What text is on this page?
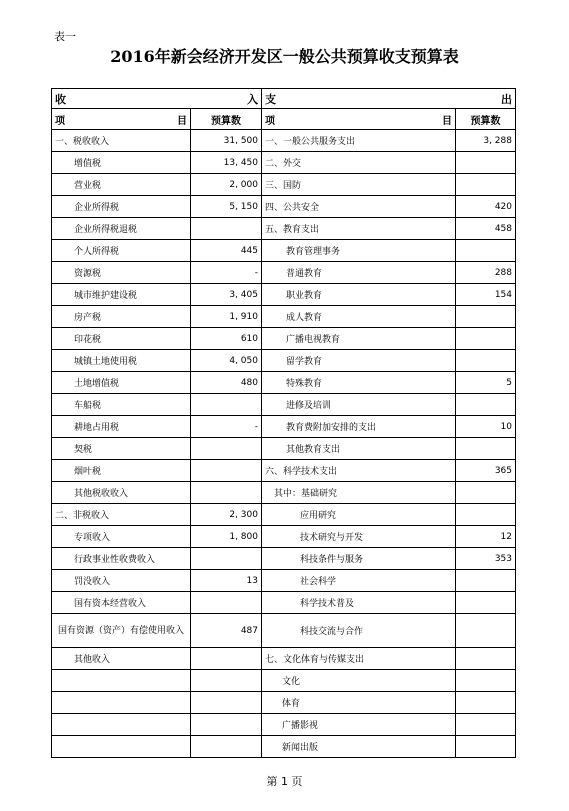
表一
2016年新会经济开发区一般公共预算收支预算表
收 入		支 出	

项 目	预算数	项 目	预算数
一、税收收入	31, 500	一、一般公共服务支出	3, 288
增值税	13, 450	二、外交	
营业税	2, 000	三、国防	
企业所得税	5, 150	四、公共安全	420
企业所得税退税		五、教育支出	458
个人所得税	445	教育管理事务	
资源税	-	普通教育	288
城市维护建设税	3, 405	职业教育	154
房产税	1, 910	成人教育	
印花税	610	广播电视教育	
城镇土地使用税	4, 050	留学教育	
土地增值税	480	特殊教育	5
车船税		进修及培训	
耕地占用税	-	教育费附加安排的支出	10
契税		其他教育支出	
烟叶税		六、科学技术支出	365
其他税收收入		其中：基础研究	
二、非税收入	2, 300	应用研究	
专项收入	1, 800	技术研究与开发	12
行政事业性收费收入		科技条件与服务	353
罚没收入	13	社会科学	
国有资本经营收入		科学技术普及	
国有资源（资产）有偿使用收入	487	科技交流与合作	
其他收入		七、文化体育与传媒支出	
		文化	
		体育	
		广播影视	
		新闻出版	
第 1 页
